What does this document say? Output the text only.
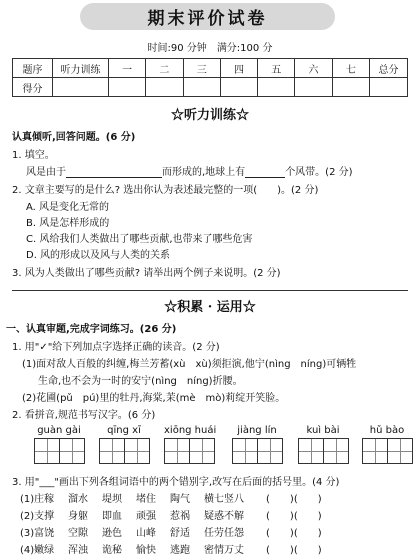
期末评价试卷
时间:90 分钟 满分:100 分
题序	听力训练	一	二	三	四	五	六	七	总分
得分									
☆听力训练☆
认真倾听,回答问题。(6 分)
1. 填空。
风是由于	而形成的,地球上有	个风带。(2 分)
2. 文章主要写的是什么? 选出你认为表述最完整的一项(　　)。(2 分)
A. 风是变化无常的
B. 风是怎样形成的
C. 风给我们人类做出了哪些贡献,也带来了哪些危害
D. 风的形成以及风与人类的关系
3. 风为人类做出了哪些贡献? 请举出两个例子来说明。(2 分)
☆积累 · 运用☆
一、认真审题,完成字词练习。(26 分)
1. 用"✓"给下列加点字选择正确的读音。(2 分)
(1)面对敌人百般的纠缠,梅兰芳蓄(xù　xù)须拒演,他宁(nìng　níng)可辆牲
生命,也不会为一时的安宁(nìng　níng)折腰。
(2)花圃(pǔ　pú)里的牡丹,海棠,茉(mè　mò)莉绽开笑脸。
2. 看拼音,规范书写汉字。(6 分)
guàn gài	qīng xī	xiōng huái	jiàng lín	kuì bài	hǔ bào
3. 用"___"画出下列各组词语中的两个错别字,改写在后面的括号里。(4 分)
(1)庄稼 溜水 堤坝 堵住 陶气 横七竖八 (　　)(　　)
(2)支撑 身躯 即血 顽强 惹祸 疑惑不解 (　　)(　　)
(3)富饶 空隙 逊色 山峰 舒适 任劳任怨 (　　)(　　)
(4)嫩绿 浑浊 诡秘 愉快 逃跑 密情万丈 (　　)(　　)
